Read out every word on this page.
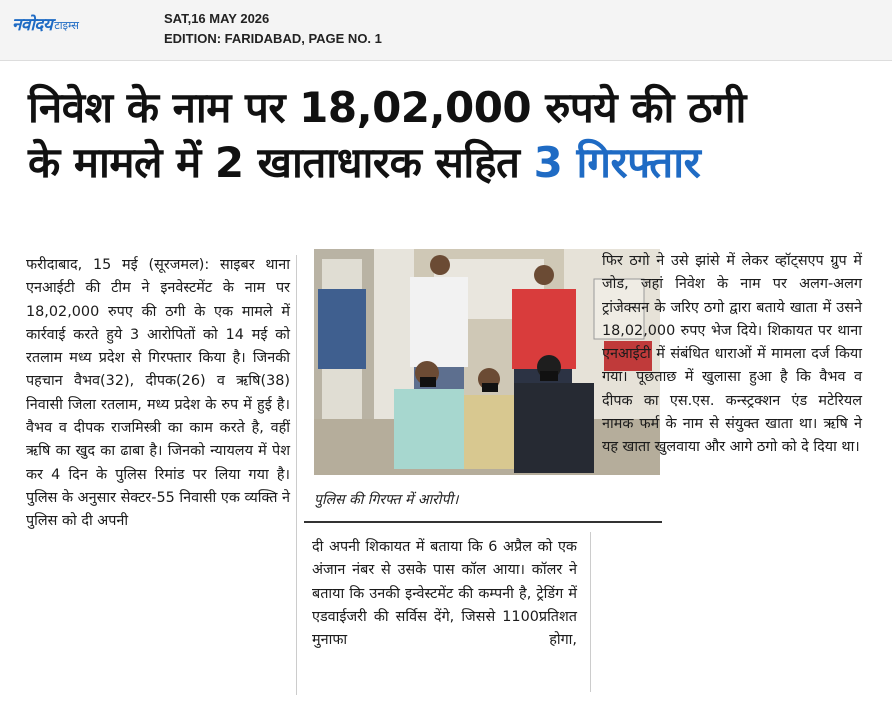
नवोदय टाइम्स	SAT,16 MAY 2026
EDITION: FARIDABAD, PAGE NO. 1
निवेश के नाम पर 18,02,000 रुपये की ठगी
के मामले में 2 खाताधारक सहित 3 गिरफ्तार

फरीदाबाद, 15 मई (सूरजमल): साइबर थाना एनआईटी की टीम ने इनवेस्टमेंट के नाम पर 18,02,000 रुपए की ठगी के एक मामले में कार्रवाई करते हुये 3 आरोपितों को 14 मई को रतलाम मध्य प्रदेश से गिरफ्तार किया है। जिनकी पहचान वैभव(32), दीपक(26) व ऋषि(38) निवासी जिला रतलाम, मध्य प्रदेश के रुप में हुई है। वैभव व दीपक राजमिस्त्री का काम करते है, वहीं ऋषि का खुद का ढाबा है। जिनको न्यायलय में पेश कर 4 दिन के पुलिस रिमांड पर लिया गया है। पुलिस के अनुसार सेक्टर-55 निवासी एक व्यक्ति ने पुलिस को दी अपनी

पुलिस की गिरफ्त में आरोपी।

दी अपनी शिकायत में बताया कि 6 अप्रैल को एक अंजान नंबर से उसके पास कॉल आया। कॉलर ने बताया कि उनकी इन्वेस्टमेंट की कम्पनी है, ट्रेडिंग में एडवाईजरी की सर्विस देंगे, जिससे 1100प्रतिशत मुनाफा होगा,

फिर ठगो ने उसे झांसे में लेकर व्हॉट्सएप ग्रुप में जोड, जहां निवेश के नाम पर अलग-अलग ट्रांजेक्सन के जरिए ठगो द्वारा बताये खाता में उसने 18,02,000 रुपए भेज दिये। शिकायत पर थाना एनआईटी में संबंधित धाराओं में मामला दर्ज किया गया। पूछताछ में खुलासा हुआ है कि वैभव व दीपक का एस.एस. कन्स्ट्रक्शन एंड मटेरियल नामक फर्म के नाम से संयुक्त खाता था। ऋषि ने यह खाता खुलवाया और आगे ठगो को दे दिया था।
